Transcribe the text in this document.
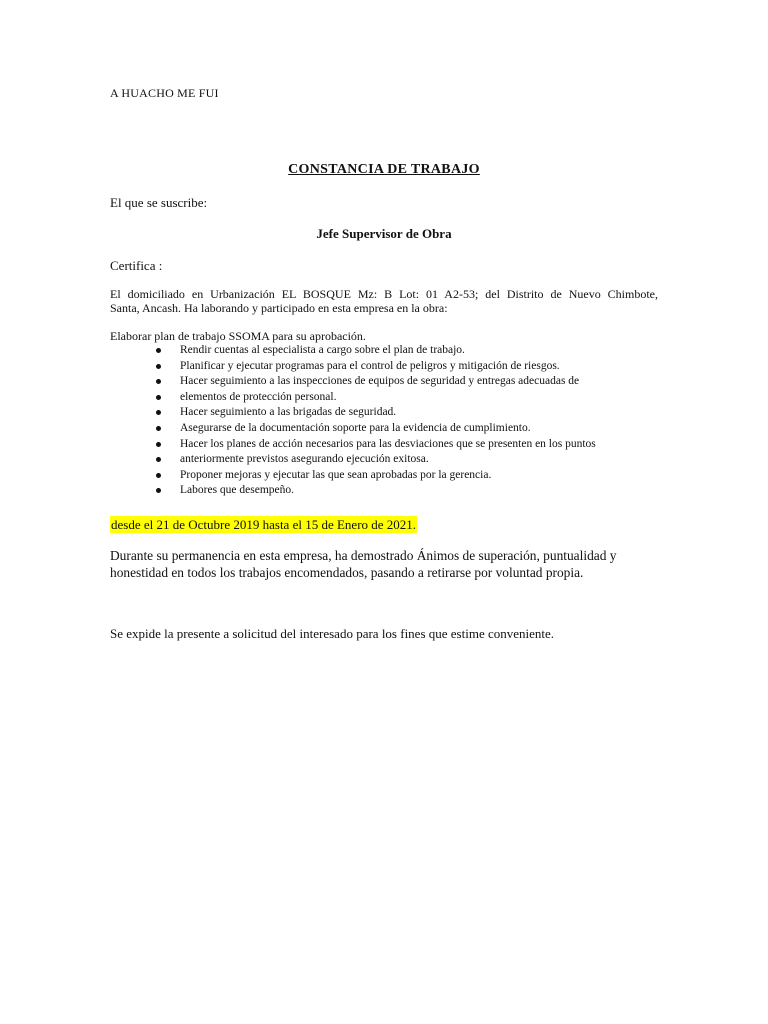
A HUACHO ME FUI
CONSTANCIA DE TRABAJO
El que se suscribe:
Jefe Supervisor de Obra
Certifica :
El domiciliado en Urbanización EL BOSQUE Mz: B Lot: 01 A2-53; del Distrito de Nuevo Chimbote,
Santa, Ancash. Ha laborando y participado en esta empresa en la obra:
Elaborar plan de trabajo SSOMA para su aprobación.
Rendir cuentas al especialista a cargo sobre el plan de trabajo.
Planificar y ejecutar programas para el control de peligros y mitigación de riesgos.
Hacer seguimiento a las inspecciones de equipos de seguridad y entregas adecuadas de
elementos de protección personal.
Hacer seguimiento a las brigadas de seguridad.
Asegurarse de la documentación soporte para la evidencia de cumplimiento.
Hacer los planes de acción necesarios para las desviaciones que se presenten en los puntos
anteriormente previstos asegurando ejecución exitosa.
Proponer mejoras y ejecutar las que sean aprobadas por la gerencia.
Labores que desempeño.
desde el 21 de Octubre 2019 hasta el 15 de Enero de 2021.
Durante su permanencia en esta empresa, ha demostrado Ánimos de superación, puntualidad y
honestidad en todos los trabajos encomendados, pasando a retirarse por voluntad propia.
Se expide la presente a solicitud del interesado para los fines que estime conveniente.
